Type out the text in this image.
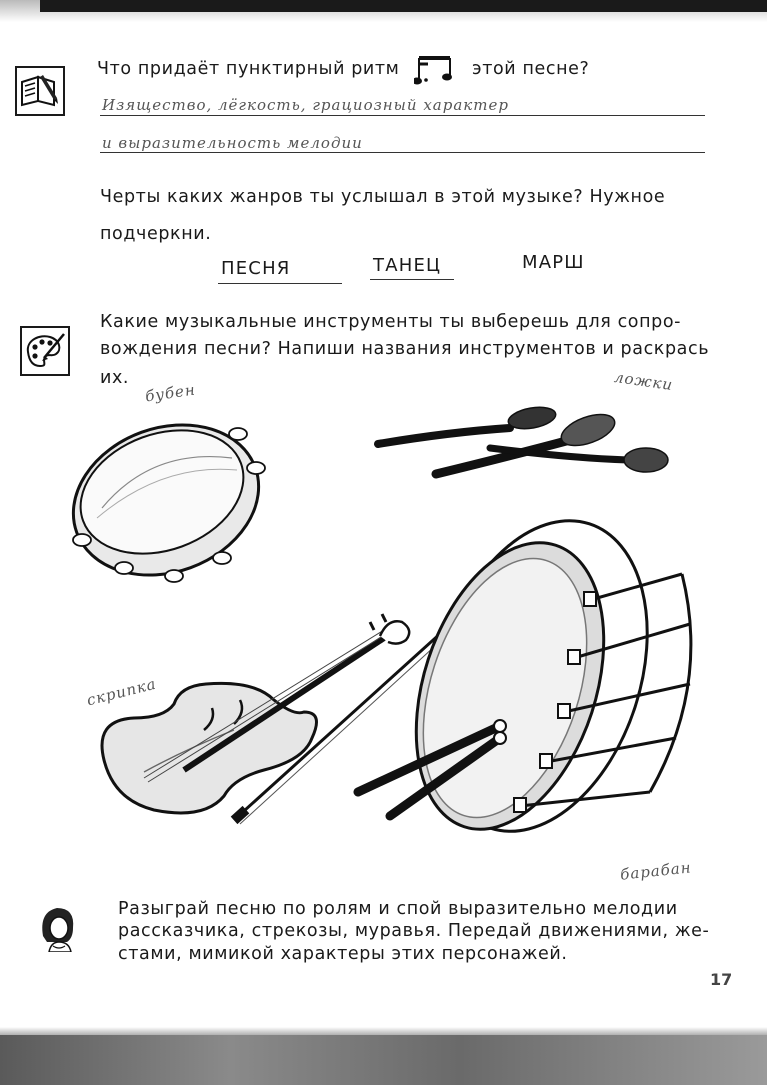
Что придаёт пунктирный ритм	этой песне?
Изящество, лёгкость, грациозный характер
и выразительность мелодии
Черты каких жанров ты услышал в этой музыке? Нужное
подчеркни.
ПЕСНЯ	ТАНЕЦ	МАРШ
Какие музыкальные инструменты ты выберешь для сопро-
вождения песни? Напиши названия инструментов и раскрась
их.
бубен	ложки
скрипка
барабан
Разыграй песню по ролям и спой выразительно мелодии
рассказчика, стрекозы, муравья. Передай движениями, же-
стами, мимикой характеры этих персонажей.
17
